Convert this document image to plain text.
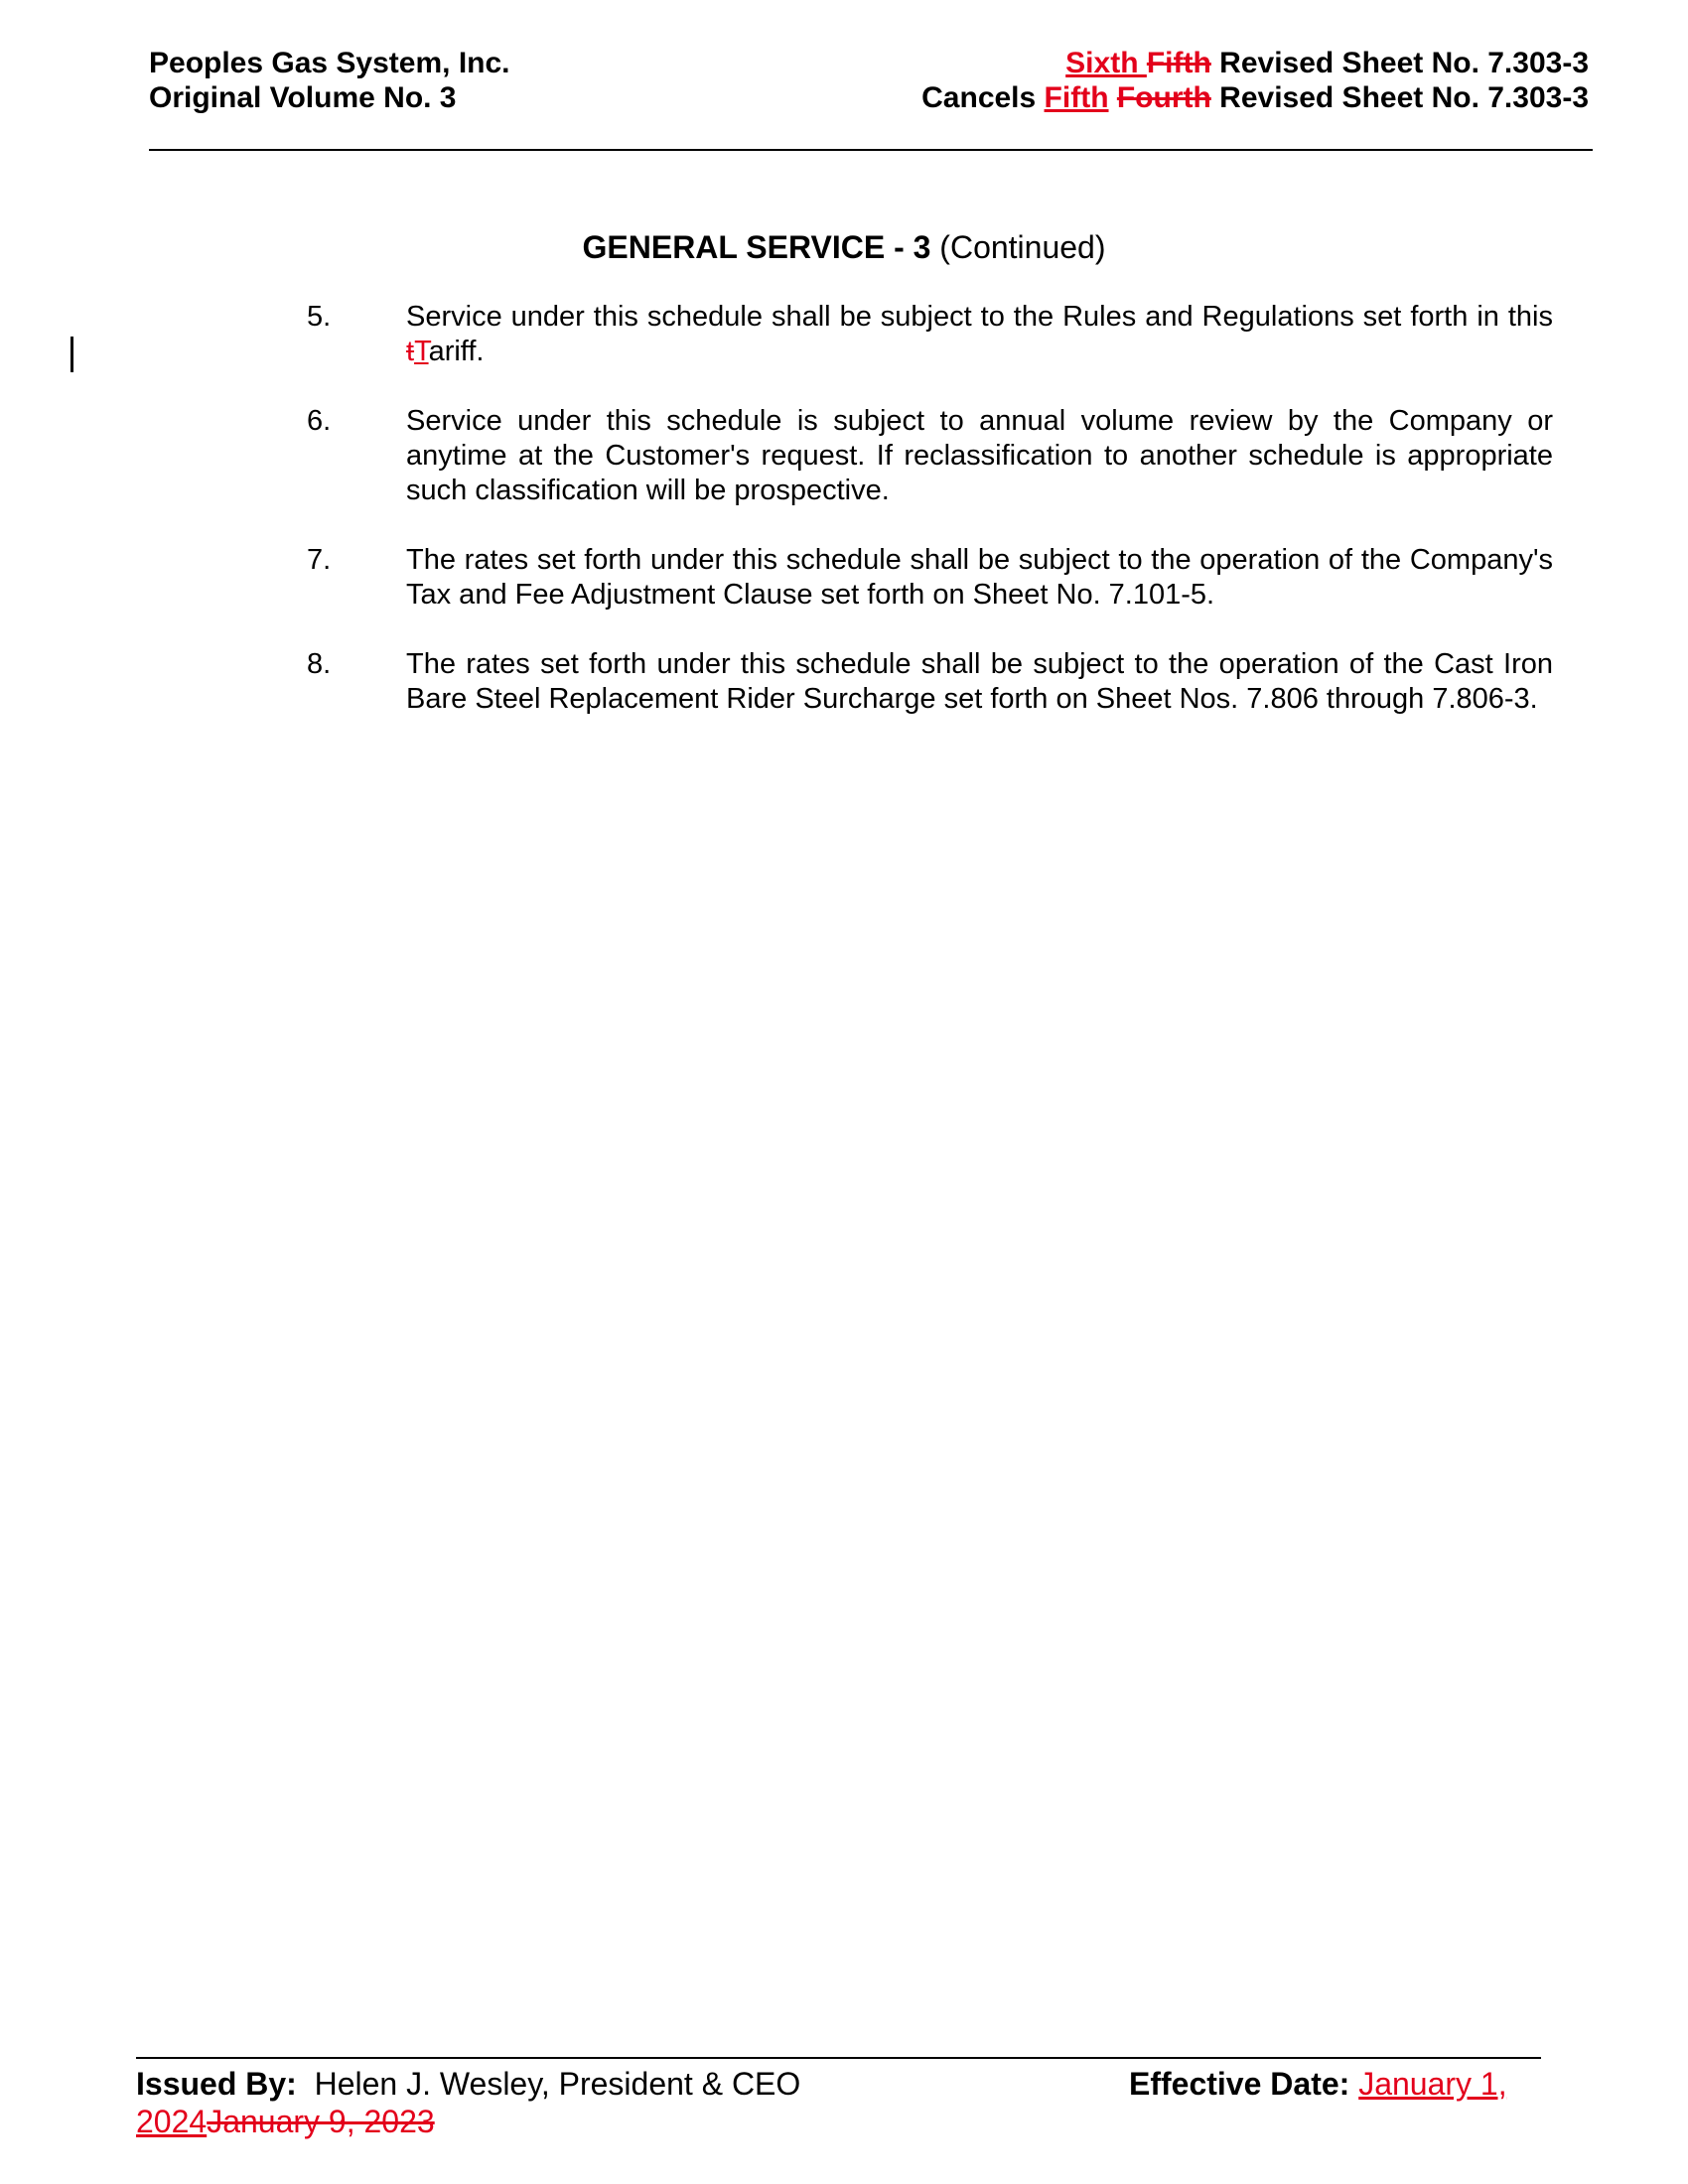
Peoples Gas System, Inc.
Original Volume No. 3
Sixth Fifth Revised Sheet No. 7.303-3
Cancels Fifth Fourth Revised Sheet No. 7.303-3
GENERAL SERVICE - 3 (Continued)
5.	Service under this schedule shall be subject to the Rules and Regulations set forth in this tTariff.
6.	Service under this schedule is subject to annual volume review by the Company or anytime at the Customer's request. If reclassification to another schedule is appropriate such classification will be prospective.
7.	The rates set forth under this schedule shall be subject to the operation of the Company's Tax and Fee Adjustment Clause set forth on Sheet No. 7.101-5.
8.	The rates set forth under this schedule shall be subject to the operation of the Cast Iron Bare Steel Replacement Rider Surcharge set forth on Sheet Nos. 7.806 through 7.806-3.
Issued By:  Helen J. Wesley, President & CEO	Effective Date: January 1,
2024January 9, 2023
